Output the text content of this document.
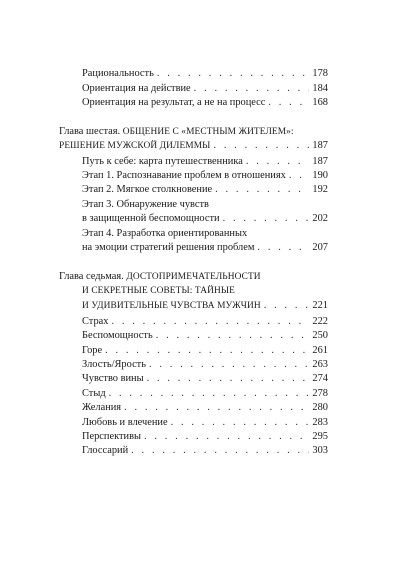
Рациональность . . .	178
Ориентация на действие . . .	184
Ориентация на результат, а не на процесс . . .	168
Глава шестая. ОБЩЕНИЕ С «МЕСТНЫМ ЖИТЕЛЕМ»:
РЕШЕНИЕ МУЖСКОЙ ДИЛЕММЫ . . .	187
Путь к себе: карта путешественника . . .	187
Этап 1. Распознавание проблем в отношениях . . .	190
Этап 2. Мягкое столкновение . . .	192
Этап 3. Обнаружение чувств
в защищенной беспомощности . . .	202
Этап 4. Разработка ориентированных
на эмоции стратегий решения проблем . . .	207
Глава седьмая. ДОСТОПРИМЕЧАТЕЛЬНОСТИ
И СЕКРЕТНЫЕ СОВЕТЫ: ТАЙНЫЕ
И УДИВИТЕЛЬНЫЕ ЧУВСТВА МУЖЧИН . . .	221
Страх . . .	222
Беспомощность . . .	250
Горе . . .	261
Злость/Ярость . . .	263
Чувство вины . . .	274
Стыд . . .	278
Желания . . .	280
Любовь и влечение . . .	283
Перспективы . . .	295
Глоссарий . . .	303
